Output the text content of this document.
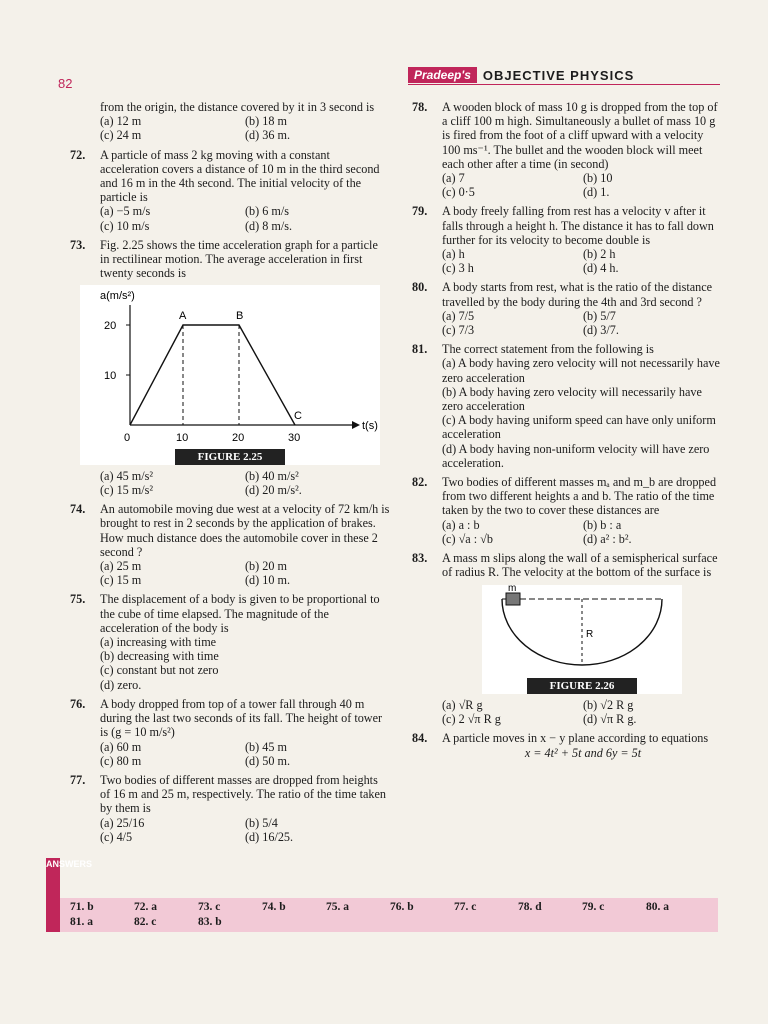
82
Pradeep's OBJECTIVE PHYSICS
from the origin, the distance covered by it in 3 second is
(a) 12 m	(b) 18 m
(c) 24 m	(d) 36 m.
72. A particle of mass 2 kg moving with a constant acceleration covers a distance of 10 m in the third second and 16 m in the 4th second. The initial velocity of the particle is
(a) −5 m/s	(b) 6 m/s
(c) 10 m/s	(d) 8 m/s.
73. Fig. 2.25 shows the time acceleration graph for a particle in rectilinear motion. The average acceleration in first twenty seconds is
a(m/s²)
t(s)
20
10
0	10	20	30
A	B
C
FIGURE 2.25
(a) 45 m/s²	(b) 40 m/s²
(c) 15 m/s²	(d) 20 m/s².
74. An automobile moving due west at a velocity of 72 km/h is brought to rest in 2 seconds by the application of brakes. How much distance does the automobile cover in these 2 second ?
(a) 25 m	(b) 20 m
(c) 15 m	(d) 10 m.
75. The displacement of a body is given to be proportional to the cube of time elapsed. The magnitude of the acceleration of the body is
(a) increasing with time
(b) decreasing with time
(c) constant but not zero
(d) zero.
76. A body dropped from top of a tower fall through 40 m during the last two seconds of its fall. The height of tower is (g = 10 m/s²)
(a) 60 m	(b) 45 m
(c) 80 m	(d) 50 m.
77. Two bodies of different masses are dropped from heights of 16 m and 25 m, respectively. The ratio of the time taken by them is
(a) 25/16	(b) 5/4
(c) 4/5	(d) 16/25.
78. A wooden block of mass 10 g is dropped from the top of a cliff 100 m high. Simultaneously a bullet of mass 10 g is fired from the foot of a cliff upward with a velocity 100 ms⁻¹. The bullet and the wooden block will meet each other after a time (in second)
(a) 7	(b) 10
(c) 0·5	(d) 1.
79. A body freely falling from rest has a velocity v after it falls through a height h. The distance it has to fall down further for its velocity to become double is
(a) h	(b) 2 h
(c) 3 h	(d) 4 h.
80. A body starts from rest, what is the ratio of the distance travelled by the body during the 4th and 3rd second ?
(a) 7/5	(b) 5/7
(c) 7/3	(d) 3/7.
81. The correct statement from the following is
(a) A body having zero velocity will not necessarily have zero acceleration
(b) A body having zero velocity will necessarily have zero acceleration
(c) A body having uniform speed can have only uniform acceleration
(d) A body having non-uniform velocity will have zero acceleration.
82. Two bodies of different masses mₐ and m_b are dropped from two different heights a and b. The ratio of the time taken by the two to cover these distances are
(a) a : b	(b) b : a
(c) √a : √b	(d) a² : b².
83. A mass m slips along the wall of a semispherical surface of radius R. The velocity at the bottom of the surface is
m
R
FIGURE 2.26
(a) √R g	(b) √2 R g
(c) 2 √π R g	(d) √π R g.
84. A particle moves in x − y plane according to equations
x = 4t² + 5t and 6y = 5t
ANSWERS
71. b	72. a	73. c	74. b	75. a	76. b	77. c	78. d	79. c	80. a
81. a	82. c	83. b
